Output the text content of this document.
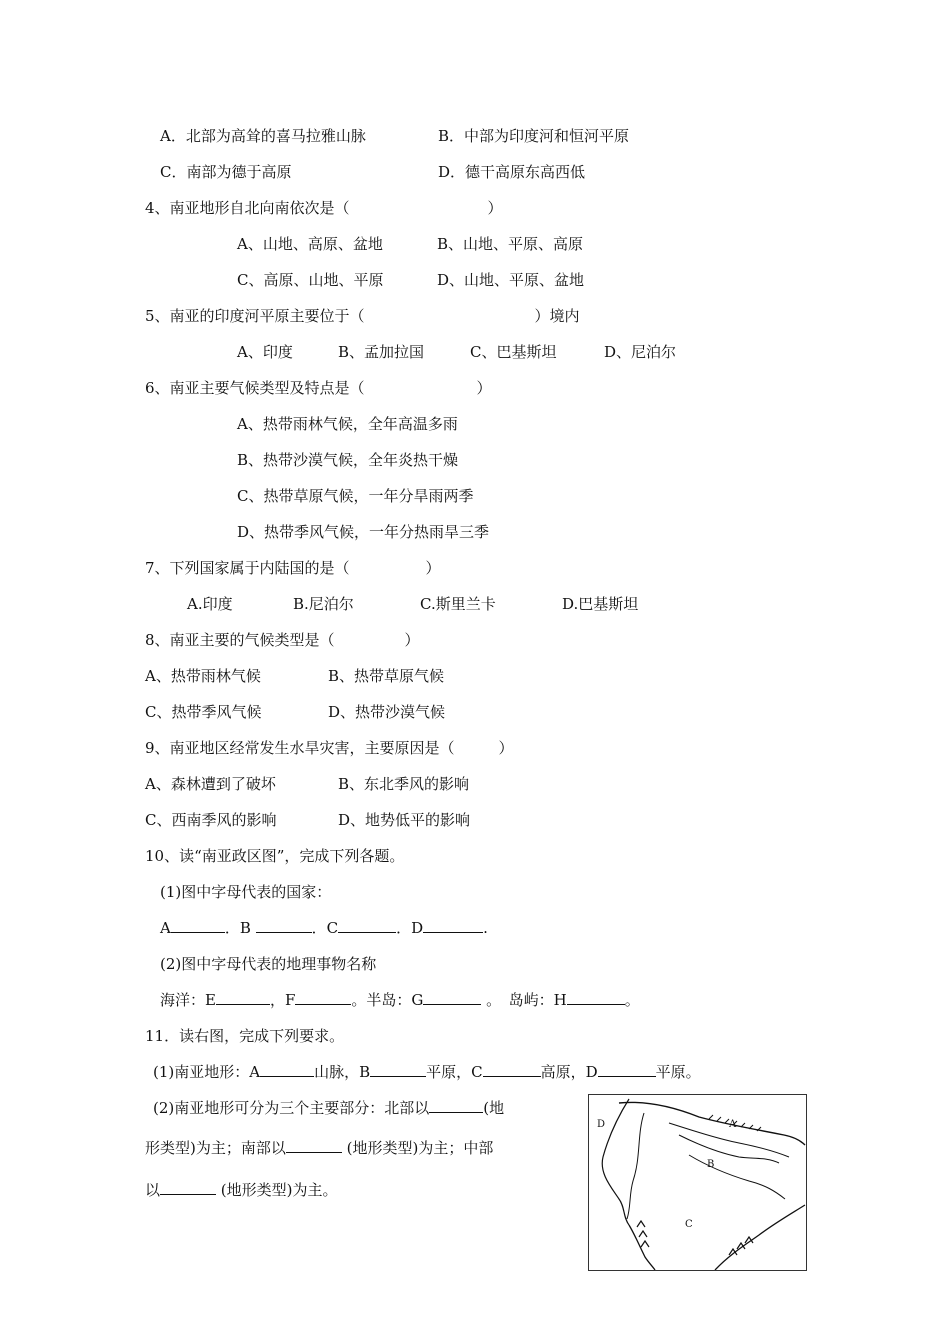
A．北部为高耸的喜马拉雅山脉	B．中部为印度河和恒河平原
C．南部为德于高原	D．德干高原东高西低
4、南亚地形自北向南依次是（	）
A、山地、高原、盆地	B、山地、平原、高原
C、高原、山地、平原	D、山地、平原、盆地
5、南亚的印度河平原主要位于（	）境内
A、印度	B、孟加拉国	C、巴基斯坦	D、尼泊尔
6、南亚主要气候类型及特点是（	）
A、热带雨林气候，全年高温多雨
B、热带沙漠气候，全年炎热干燥
C、热带草原气候，一年分旱雨两季
D、热带季风气候，一年分热雨旱三季
7、下列国家属于内陆国的是（	）
A.印度	B.尼泊尔	C.斯里兰卡	D.巴基斯坦
8、南亚主要的气候类型是（	）
A、热带雨林气候	B、热带草原气候
C、热带季风气候	D、热带沙漠气候
9、南亚地区经常发生水旱灾害，主要原因是（	）
A、森林遭到了破坏	B、东北季风的影响
C、西南季风的影响	D、地势低平的影响
10、读“南亚政区图”，完成下列各题。
(1)图中字母代表的国家：
A	．B	．C	．D	.
(2)图中字母代表的地理事物名称
海洋：E	，F	。半岛：G	。　岛屿：H	。
11．读右图，完成下列要求。
(1)南亚地形：A	山脉，B	平原，C	高原，D	平原。
(2)南亚地形可分为三个主要部分：北部以	(地
形类型)为主；南部以	(地形类型)为主；中部
以	(地形类型)为主。
D	A
B
C
